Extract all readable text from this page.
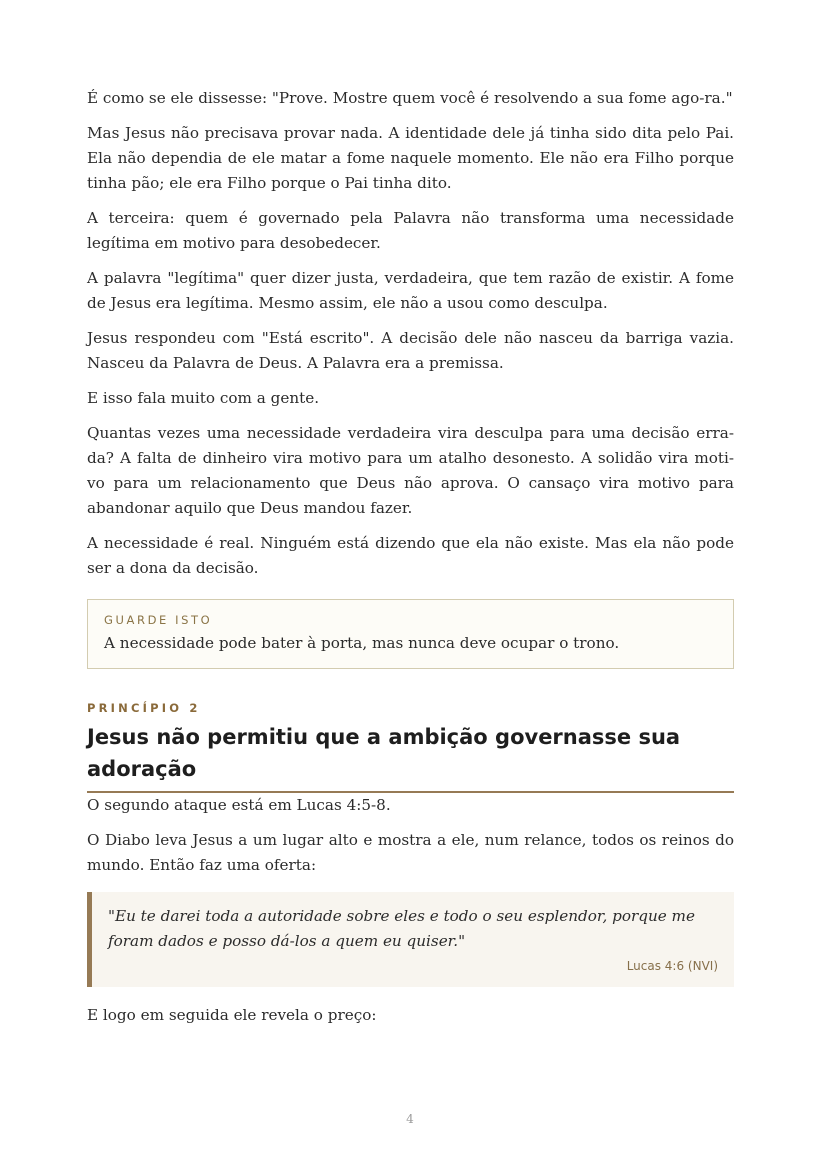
É como se ele dissesse: "Prove. Mostre quem você é resolvendo a sua fome ago-ra."

Mas Jesus não precisava provar nada. A identidade dele já tinha sido dita pelo Pai. Ela não dependia de ele matar a fome naquele momento. Ele não era Filho porque tinha pão; ele era Filho porque o Pai tinha dito.

A terceira: quem é governado pela Palavra não transforma uma necessidade legítima em motivo para desobedecer.

A palavra "legítima" quer dizer justa, verdadeira, que tem razão de existir. A fome de Jesus era legítima. Mesmo assim, ele não a usou como desculpa.

Jesus respondeu com "Está escrito". A decisão dele não nasceu da barriga vazia. Nasceu da Palavra de Deus. A Palavra era a premissa.

E isso fala muito com a gente.

Quantas vezes uma necessidade verdadeira vira desculpa para uma decisão erra-da? A falta de dinheiro vira motivo para um atalho desonesto. A solidão vira moti-vo para um relacionamento que Deus não aprova. O cansaço vira motivo para abandonar aquilo que Deus mandou fazer.

A necessidade é real. Ninguém está dizendo que ela não existe. Mas ela não pode ser a dona da decisão.

GUARDE ISTO
A necessidade pode bater à porta, mas nunca deve ocupar o trono.
PRINCÍPIO 2
Jesus não permitiu que a ambição governasse sua adoração

O segundo ataque está em Lucas 4:5-8.

O Diabo leva Jesus a um lugar alto e mostra a ele, num relance, todos os reinos do mundo. Então faz uma oferta:

"Eu te darei toda a autoridade sobre eles e todo o seu esplendor, porque me foram dados e posso dá-los a quem eu quiser."
Lucas 4:6 (NVI)

E logo em seguida ele revela o preço:

4
